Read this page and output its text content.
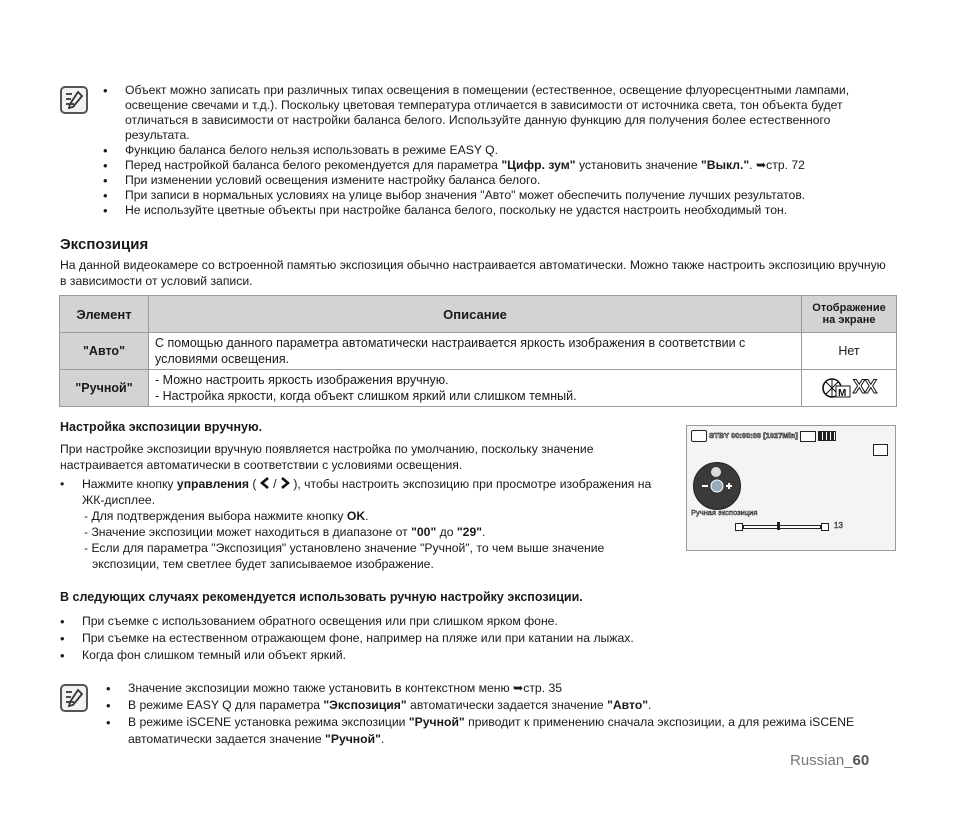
• Объект можно записать при различных типах освещения в помещении (естественное, освещение флуоресцентными лампами, освещение свечами и т.д.). Поскольку цветовая температура отличается в зависимости от источника света, тон объекта будет отличаться в зависимости от настройки баланса белого. Используйте данную функцию для получения более естественного результата.
• Функцию баланса белого нельзя использовать в режиме EASY Q.
• Перед настройкой баланса белого рекомендуется для параметра "Цифр. зум" установить значение "Выкл.". ➥стр. 72
• При изменении условий освещения измените настройку баланса белого.
• При записи в нормальных условиях на улице выбор значения "Авто" может обеспечить получение лучших результатов.
• Не используйте цветные объекты при настройке баланса белого, поскольку не удастся настроить необходимый тон.
Экспозиция
На данной видеокамере со встроенной памятью экспозиция обычно настраивается автоматически. Можно также настроить экспозицию вручную в зависимости от условий записи.
Элемент	Описание	Отображение
на экране
"Авто"	С помощью данного параметра автоматически настраивается яркость изображения в соответствии с условиями освещения.	Нет
"Ручной"	- Можно настроить яркость изображения вручную.
- Настройка яркости, когда объект слишком яркий или слишком темный.	M XX
Настройка экспозиции вручную.
При настройке экспозиции вручную появляется настройка по умолчанию, поскольку значение настраивается автоматически в соответствии с условиями освещения.
• Нажмите кнопку управления (  /  ), чтобы настроить экспозицию при просмотре изображения на ЖК-дисплее.
- Для подтверждения выбора нажмите кнопку OK.
- Значение экспозиции может находиться в диапазоне от "00" до "29".
- Если для параметра "Экспозиция" установлено значение "Ручной", то чем выше значение экспозиции, тем светлее будет записываемое изображение.
STBY 00:00:00 [1027Min]
Ручная экспозиция
13
В следующих случаях рекомендуется использовать ручную настройку экспозиции.
• При съемке с использованием обратного освещения или при слишком ярком фоне.
• При съемке на естественном отражающем фоне, например на пляже или при катании на лыжах.
• Когда фон слишком темный или объект яркий.
• Значение экспозиции можно также установить в контекстном меню ➥стр. 35
• В режиме EASY Q для параметра "Экспозиция" автоматически задается значение "Авто".
• В режиме iSCENE установка режима экспозиции "Ручной" приводит к применению сначала экспозиции, а для режима iSCENE автоматически задается значение "Ручной".
Russian_60
